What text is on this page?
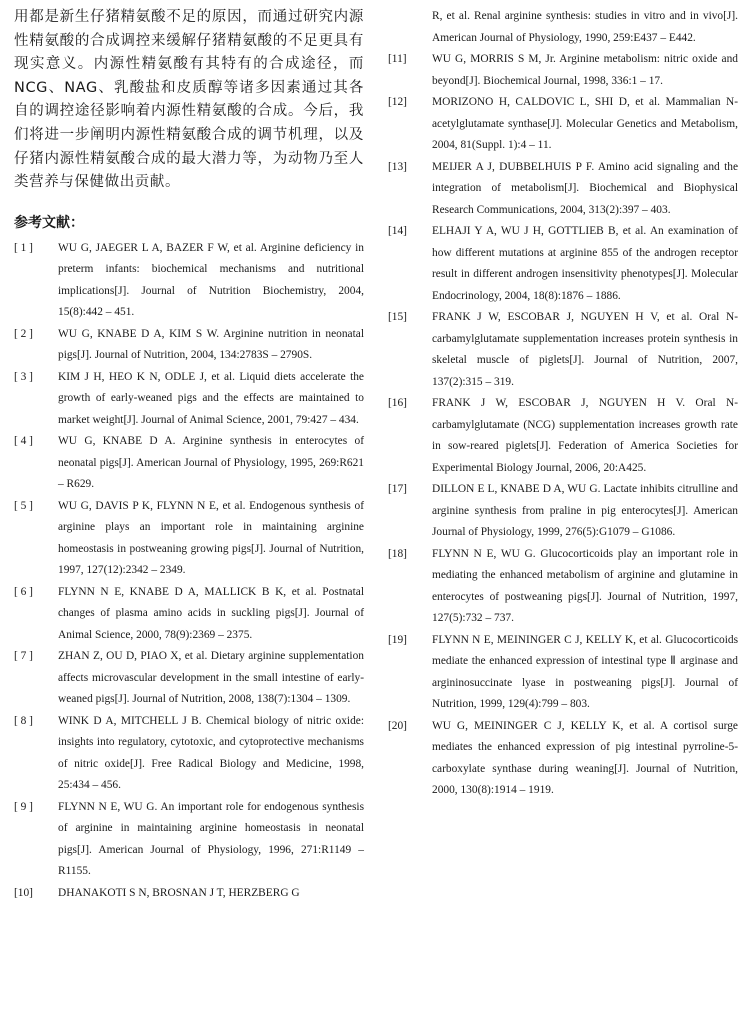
用都是新生仔猪精氨酸不足的原因，而通过研究内源性精氨酸的合成调控来缓解仔猪精氨酸的不足更具有现实意义。内源性精氨酸有其特有的合成途径，而 NCG、NAG、乳酸盐和皮质醇等诸多因素通过其各自的调控途径影响着内源性精氨酸的合成。今后，我们将进一步阐明内源性精氨酸合成的调节机理，以及仔猪内源性精氨酸合成的最大潜力等，为动物乃至人类营养与保健做出贡献。

参考文献：
[ 1 ]	WU G, JAEGER L A, BAZER F W, et al. Arginine deficiency in preterm infants: biochemical mechanisms and nutritional implications[J]. Journal of Nutrition Biochemistry, 2004, 15(8):442 – 451.
[ 2 ]	WU G, KNABE D A, KIM S W. Arginine nutrition in neonatal pigs[J]. Journal of Nutrition, 2004, 134:2783S – 2790S.
[ 3 ]	KIM J H, HEO K N, ODLE J, et al. Liquid diets accelerate the growth of early-weaned pigs and the effects are maintained to market weight[J]. Journal of Animal Science, 2001, 79:427 – 434.
[ 4 ]	WU G, KNABE D A. Arginine synthesis in enterocytes of neonatal pigs[J]. American Journal of Physiology, 1995, 269:R621 – R629.
[ 5 ]	WU G, DAVIS P K, FLYNN N E, et al. Endogenous synthesis of arginine plays an important role in maintaining arginine homeostasis in postweaning growing pigs[J]. Journal of Nutrition, 1997, 127(12):2342 – 2349.
[ 6 ]	FLYNN N E, KNABE D A, MALLICK B K, et al. Postnatal changes of plasma amino acids in suckling pigs[J]. Journal of Animal Science, 2000, 78(9):2369 – 2375.
[ 7 ]	ZHAN Z, OU D, PIAO X, et al. Dietary arginine supplementation affects microvascular development in the small intestine of early-weaned pigs[J]. Journal of Nutrition, 2008, 138(7):1304 – 1309.
[ 8 ]	WINK D A, MITCHELL J B. Chemical biology of nitric oxide: insights into regulatory, cytotoxic, and cytoprotective mechanisms of nitric oxide[J]. Free Radical Biology and Medicine, 1998, 25:434 – 456.
[ 9 ]	FLYNN N E, WU G. An important role for endogenous synthesis of arginine in maintaining arginine homeostasis in neonatal pigs[J]. American Journal of Physiology, 1996, 271:R1149 – R1155.
[10]	DHANAKOTI S N, BROSNAN J T, HERZBERG G
R, et al. Renal arginine synthesis: studies in vitro and in vivo[J]. American Journal of Physiology, 1990, 259:E437 – E442.
[11]	WU G, MORRIS S M, Jr. Arginine metabolism: nitric oxide and beyond[J]. Biochemical Journal, 1998, 336:1 – 17.
[12]	MORIZONO H, CALDOVIC L, SHI D, et al. Mammalian N-acetylglutamate synthase[J]. Molecular Genetics and Metabolism, 2004, 81(Suppl. 1):4 – 11.
[13]	MEIJER A J, DUBBELHUIS P F. Amino acid signaling and the integration of metabolism[J]. Biochemical and Biophysical Research Communications, 2004, 313(2):397 – 403.
[14]	ELHAJI Y A, WU J H, GOTTLIEB B, et al. An examination of how different mutations at arginine 855 of the androgen receptor result in different androgen insensitivity phenotypes[J]. Molecular Endocrinology, 2004, 18(8):1876 – 1886.
[15]	FRANK J W, ESCOBAR J, NGUYEN H V, et al. Oral N-carbamylglutamate supplementation increases protein synthesis in skeletal muscle of piglets[J]. Journal of Nutrition, 2007, 137(2):315 – 319.
[16]	FRANK J W, ESCOBAR J, NGUYEN H V. Oral N-carbamylglutamate (NCG) supplementation increases growth rate in sow-reared piglets[J]. Federation of America Societies for Experimental Biology Journal, 2006, 20:A425.
[17]	DILLON E L, KNABE D A, WU G. Lactate inhibits citrulline and arginine synthesis from praline in pig enterocytes[J]. American Journal of Physiology, 1999, 276(5):G1079 – G1086.
[18]	FLYNN N E, WU G. Glucocorticoids play an important role in mediating the enhanced metabolism of arginine and glutamine in enterocytes of postweaning pigs[J]. Journal of Nutrition, 1997, 127(5):732 – 737.
[19]	FLYNN N E, MEININGER C J, KELLY K, et al. Glucocorticoids mediate the enhanced expression of intestinal type Ⅱ arginase and argininosuccinate lyase in postweaning pigs[J]. Journal of Nutrition, 1999, 129(4):799 – 803.
[20]	WU G, MEININGER C J, KELLY K, et al. A cortisol surge mediates the enhanced expression of pig intestinal pyrroline-5-carboxylate synthase during weaning[J]. Journal of Nutrition, 2000, 130(8):1914 – 1919.
